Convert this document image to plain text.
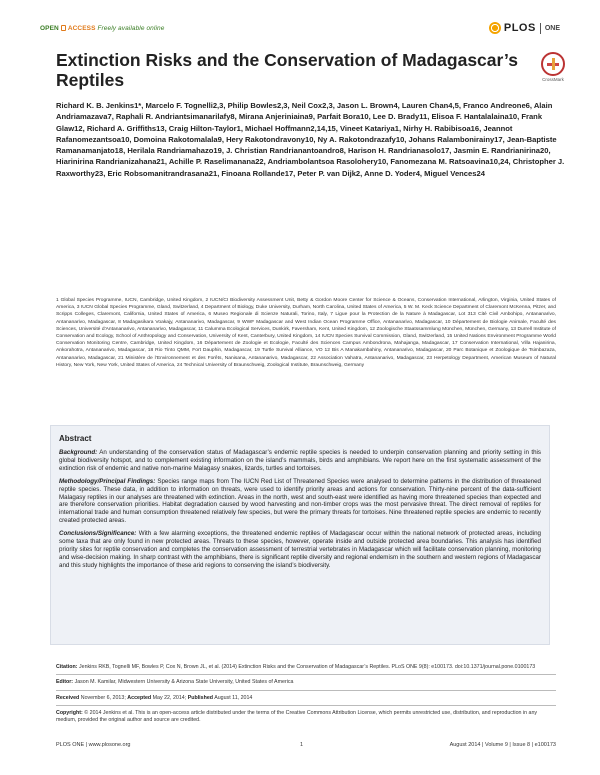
OPEN ACCESS Freely available online	PLOS ONE
Extinction Risks and the Conservation of Madagascar’s Reptiles	CrossMark
Richard K. B. Jenkins1*, Marcelo F. Tognelli2,3, Philip Bowles2,3, Neil Cox2,3, Jason L. Brown4, Lauren Chan4,5, Franco Andreone6, Alain Andriamazava7, Raphali R. Andriantsimanarilafy8, Mirana Anjeriniaina9, Parfait Bora10, Lee D. Brady11, Elisoa F. Hantalalaina10, Frank Glaw12, Richard A. Griffiths13, Craig Hilton-Taylor1, Michael Hoffmann2,14,15, Vineet Katariya1, Nirhy H. Rabibisoa16, Jeannot Rafanomezantsoa10, Domoina Rakotomalala9, Hery Rakotondravony10, Ny A. Rakotondrazafy10, Johans Ralambonirainy17, Jean-Baptiste Ramanamanjato18, Herilala Randriamahazo19, J. Christian Randrianantoandro8, Harison H. Randrianasolo17, Jasmin E. Randrianirina20, Hiarinirina Randrianizahana21, Achille P. Raselimanana22, Andriambolantsoa Rasolohery10, Fanomezana M. Ratsoavina10,24, Christopher J. Raxworthy23, Eric Robsomanitrandrasana21, Finoana Rollande17, Peter P. van Dijk2, Anne D. Yoder4, Miguel Vences24
1 Global Species Programme, IUCN, Cambridge, United Kingdom, 2 IUCN/CI Biodiversity Assessment Unit, Betty & Gordon Moore Center for Science & Oceans, Conservation International, Arlington, Virginia, United States of America, 3 IUCN Global Species Programme, Gland, Switzerland, 4 Department of Biology, Duke University, Durham, North Carolina, United States of America, 5 W. M. Keck Science Department of Claremont McKenna, Pitzer, and Scripps Colleges, Claremont, California, United States of America, 6 Museo Regionale di Scienze Naturali, Torino, Italy, 7 Ligue pour la Protection de la Nature à Madagascar, Lot 313 Cité Civil Ambohipo, Antananarivo, Antananarivo, Madagascar, 8 Madagasikara Voakajy, Antananarivo, Madagascar, 9 WWF Madagascar and West Indian Ocean Programme Office, Antananarivo, Madagascar, 10 Département de Biologie Animale, Faculté des Sciences, Université d’Antananarivo, Antananarivo, Madagascar, 11 Calumma Ecological Services, Dunkirk, Faversham, Kent, United Kingdom, 12 Zoologische Staatssammlung München, München, Germany, 13 Durrell Institute of Conservation and Ecology, School of Anthropology and Conservation, University of Kent, Canterbury, United Kingdom, 14 IUCN Species Survival Commission, Gland, Switzerland, 15 United Nations Environment Programme World Conservation Monitoring Centre, Cambridge, United Kingdom, 16 Département de Zoologie et Ecologie, Faculté des Sciences Campus Ambondrona, Mahajanga, Madagascar, 17 Conservation International, Villa Hajanirina, Ankorahotra, Antananarivo, Madagascar, 18 Rio Tinto QMM, Fort Dauphin, Madagascar, 19 Turtle Survival Alliance, VO 12 Bis A Manakambahiny, Antananarivo, Madagascar, 20 Parc Botanique et Zoologique de Tsimbazaza, Antananarivo, Madagascar, 21 Ministère de l’Environnement et des Forêts, Nanisana, Antananarivo, Madagascar, 22 Association Vahatra, Antananarivo, Madagascar, 23 Herpetology Department, American Museum of Natural History, New York, New York, United States of America, 24 Technical University of Braunschweig, Zoological Institute, Braunschweig, Germany
Abstract

Background: An understanding of the conservation status of Madagascar’s endemic reptile species is needed to underpin conservation planning and priority setting in this global biodiversity hotspot, and to complement existing information on the island’s mammals, birds and amphibians. We report here on the first systematic assessment of the extinction risk of endemic and native non-marine Malagasy snakes, lizards, turtles and tortoises.

Methodology/Principal Findings: Species range maps from The IUCN Red List of Threatened Species were analysed to determine patterns in the distribution of threatened reptile species. These data, in addition to information on threats, were used to identify priority areas and actions for conservation. Thirty-nine percent of the data-sufficient Malagasy reptiles in our analyses are threatened with extinction. Areas in the north, west and south-east were identified as having more threatened species than expected and are therefore conservation priorities. Habitat degradation caused by wood harvesting and non-timber crops was the most pervasive threat. The direct removal of reptiles for international trade and human consumption threatened relatively few species, but were the primary threats for tortoises. Nine threatened reptile species are endemic to recently created protected areas.

Conclusions/Significance: With a few alarming exceptions, the threatened endemic reptiles of Madagascar occur within the national network of protected areas, including some taxa that are only found in new protected areas. Threats to these species, however, operate inside and outside protected area boundaries. This analysis has identified priority sites for reptile conservation and completes the conservation assessment of terrestrial vertebrates in Madagascar which will facilitate conservation planning, monitoring and wise-decision making. In sharp contrast with the amphibians, there is significant reptile diversity and regional endemism in the southern and western regions of Madagascar and this study highlights the importance of these arid regions to conserving the island’s biodiversity.

Citation: Jenkins RKB, Tognelli MF, Bowles P, Cox N, Brown JL, et al. (2014) Extinction Risks and the Conservation of Madagascar’s Reptiles. PLoS ONE 9(8): e100173. doi:10.1371/journal.pone.0100173
Editor: Jason M. Kamilar, Midwestern University & Arizona State University, United States of America
Received November 6, 2013; Accepted May 22, 2014; Published August 11, 2014
Copyright: © 2014 Jenkins et al. This is an open-access article distributed under the terms of the Creative Commons Attribution License, which permits unrestricted use, distribution, and reproduction in any medium, provided the original author and source are credited.
PLOS ONE | www.plosone.org	1	August 2014 | Volume 9 | Issue 8 | e100173
